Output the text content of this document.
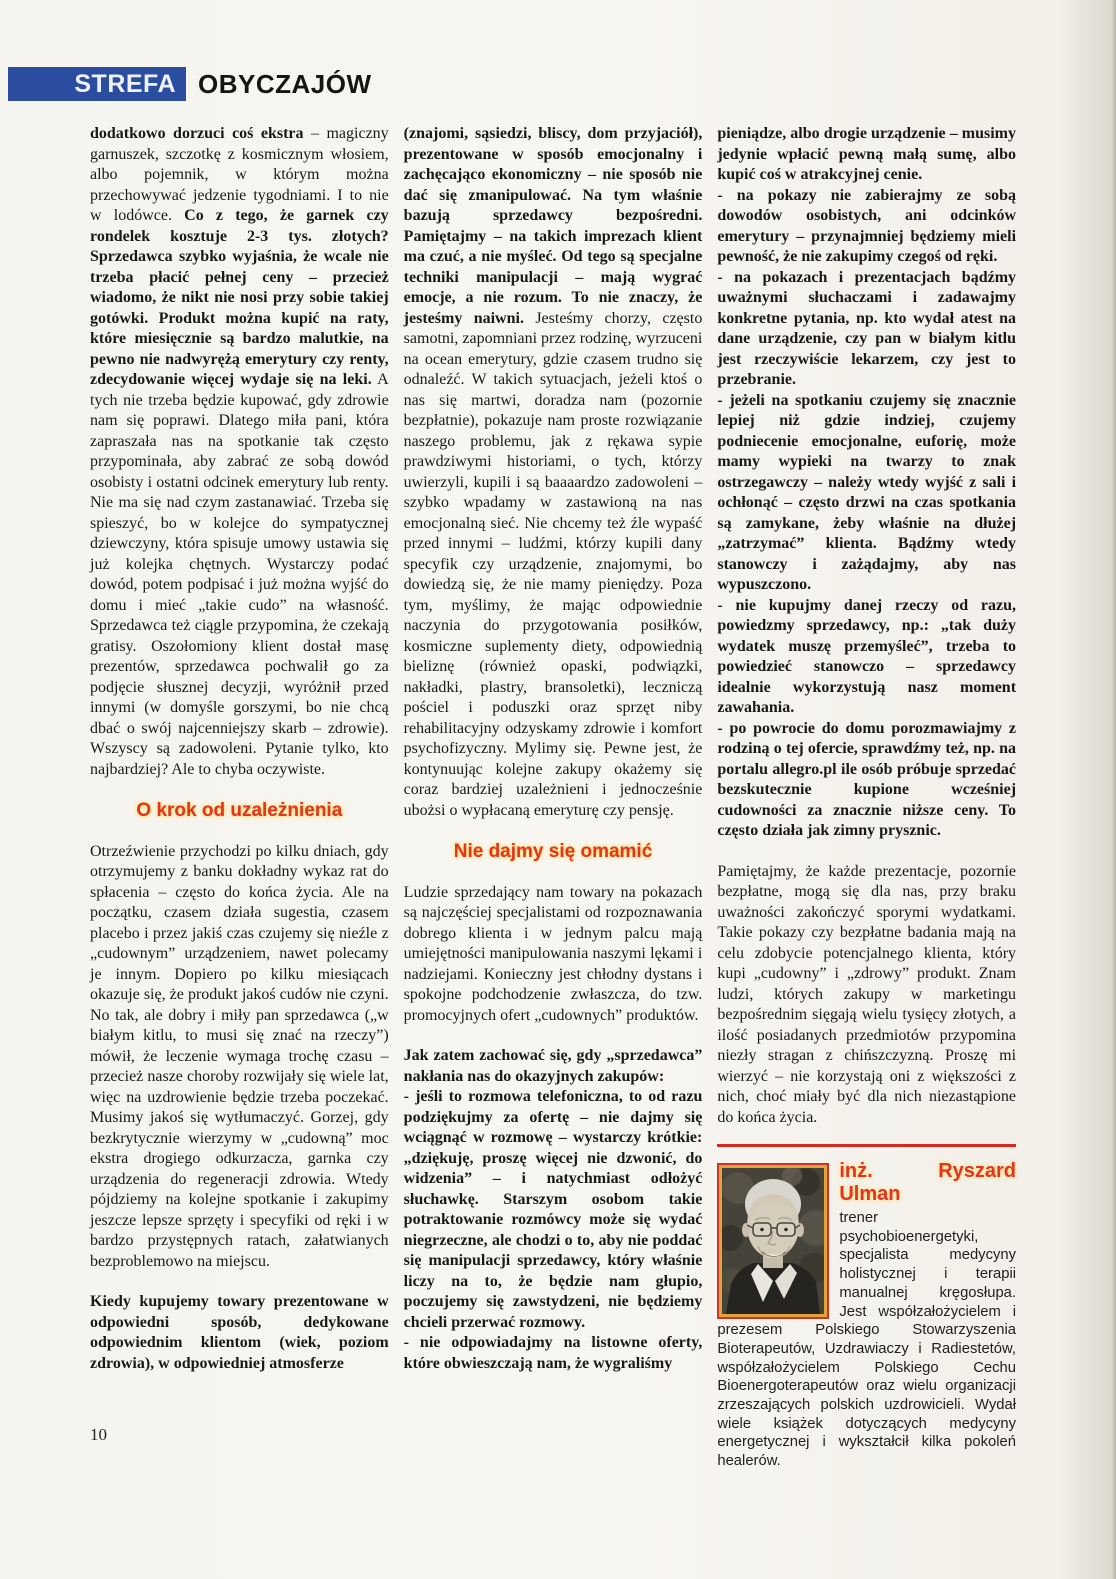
STREFA OBYCZAJÓW

dodatkowo dorzuci coś ekstra – magiczny garnuszek, szczotkę z kosmicznym włosiem, albo pojemnik, w którym można przechowywać jedzenie tygodniami. I to nie w lodówce. Co z tego, że garnek czy rondelek kosztuje 2-3 tys. złotych? Sprzedawca szybko wyjaśnia, że wcale nie trzeba płacić pełnej ceny – przecież wiadomo, że nikt nie nosi przy sobie takiej gotówki. Produkt można kupić na raty, które miesięcznie są bardzo malutkie, na pewno nie nadwyrężą emerytury czy renty, zdecydowanie więcej wydaje się na leki. A tych nie trzeba będzie kupować, gdy zdrowie nam się poprawi. Dlatego miła pani, która zapraszała nas na spotkanie tak często przypominała, aby zabrać ze sobą dowód osobisty i ostatni odcinek emerytury lub renty. Nie ma się nad czym zastanawiać. Trzeba się spieszyć, bo w kolejce do sympatycznej dziewczyny, która spisuje umowy ustawia się już kolejka chętnych. Wystarczy podać dowód, potem podpisać i już można wyjść do domu i mieć „takie cudo” na własność. Sprzedawca też ciągle przypomina, że czekają gratisy. Oszołomiony klient dostał masę prezentów, sprzedawca pochwalił go za podjęcie słusznej decyzji, wyróżnił przed innymi (w domyśle gorszymi, bo nie chcą dbać o swój najcenniejszy skarb – zdrowie). Wszyscy są zadowoleni. Pytanie tylko, kto najbardziej? Ale to chyba oczywiste.

O krok od uzależnienia

Otrzeźwienie przychodzi po kilku dniach, gdy otrzymujemy z banku dokładny wykaz rat do spłacenia – często do końca życia. Ale na początku, czasem działa sugestia, czasem placebo i przez jakiś czas czujemy się nieźle z „cudownym” urządzeniem, nawet polecamy je innym. Dopiero po kilku miesiącach okazuje się, że produkt jakoś cudów nie czyni. No tak, ale dobry i miły pan sprzedawca („w białym kitlu, to musi się znać na rzeczy”) mówił, że leczenie wymaga trochę czasu – przecież nasze choroby rozwijały się wiele lat, więc na uzdrowienie będzie trzeba poczekać. Musimy jakoś się wytłumaczyć. Gorzej, gdy bezkrytycznie wierzymy w „cudowną” moc ekstra drogiego odkurzacza, garnka czy urządzenia do regeneracji zdrowia. Wtedy pójdziemy na kolejne spotkanie i zakupimy jeszcze lepsze sprzęty i specyfiki od ręki i w bardzo przystępnych ratach, załatwianych bezproblemowo na miejscu.

Kiedy kupujemy towary prezentowane w odpowiedni sposób, dedykowane odpowiednim klientom (wiek, poziom zdrowia), w odpowiedniej atmosferze

(znajomi, sąsiedzi, bliscy, dom przyjaciół), prezentowane w sposób emocjonalny i zachęcająco ekonomiczny – nie sposób nie dać się zmanipulować. Na tym właśnie bazują sprzedawcy bezpośredni. Pamiętajmy – na takich imprezach klient ma czuć, a nie myśleć. Od tego są specjalne techniki manipulacji – mają wygrać emocje, a nie rozum. To nie znaczy, że jesteśmy naiwni. Jesteśmy chorzy, często samotni, zapomniani przez rodzinę, wyrzuceni na ocean emerytury, gdzie czasem trudno się odnaleźć. W takich sytuacjach, jeżeli ktoś o nas się martwi, doradza nam (pozornie bezpłatnie), pokazuje nam proste rozwiązanie naszego problemu, jak z rękawa sypie prawdziwymi historiami, o tych, którzy uwierzyli, kupili i są baaaardzo zadowoleni – szybko wpadamy w zastawioną na nas emocjonalną sieć. Nie chcemy też źle wypaść przed innymi – ludźmi, którzy kupili dany specyfik czy urządzenie, znajomymi, bo dowiedzą się, że nie mamy pieniędzy. Poza tym, myślimy, że mając odpowiednie naczynia do przygotowania posiłków, kosmiczne suplementy diety, odpowiednią bieliznę (również opaski, podwiązki, nakładki, plastry, bransoletki), leczniczą pościel i poduszki oraz sprzęt niby rehabilitacyjny odzyskamy zdrowie i komfort psychofizyczny. Mylimy się. Pewne jest, że kontynuując kolejne zakupy okażemy się coraz bardziej uzależnieni i jednocześnie ubożsi o wypłacaną emeryturę czy pensję.

Nie dajmy się omamić

Ludzie sprzedający nam towary na pokazach są najczęściej specjalistami od rozpoznawania dobrego klienta i w jednym palcu mają umiejętności manipulowania naszymi lękami i nadziejami. Konieczny jest chłodny dystans i spokojne podchodzenie zwłaszcza, do tzw. promocyjnych ofert „cudownych” produktów.

Jak zatem zachować się, gdy „sprzedawca” nakłania nas do okazyjnych zakupów:

- jeśli to rozmowa telefoniczna, to od razu podziękujmy za ofertę – nie dajmy się wciągnąć w rozmowę – wystarczy krótkie: „dziękuję, proszę więcej nie dzwonić, do widzenia” – i natychmiast odłożyć słuchawkę. Starszym osobom takie potraktowanie rozmówcy może się wydać niegrzeczne, ale chodzi o to, aby nie poddać się manipulacji sprzedawcy, który właśnie liczy na to, że będzie nam głupio, poczujemy się zawstydzeni, nie będziemy chcieli przerwać rozmowy.

- nie odpowiadajmy na listowne oferty, które obwieszczają nam, że wygraliśmy

pieniądze, albo drogie urządzenie – musimy jedynie wpłacić pewną małą sumę, albo kupić coś w atrakcyjnej cenie.

- na pokazy nie zabierajmy ze sobą dowodów osobistych, ani odcinków emerytury – przynajmniej będziemy mieli pewność, że nie zakupimy czegoś od ręki.

- na pokazach i prezentacjach bądźmy uważnymi słuchaczami i zadawajmy konkretne pytania, np. kto wydał atest na dane urządzenie, czy pan w białym kitlu jest rzeczywiście lekarzem, czy jest to przebranie.

- jeżeli na spotkaniu czujemy się znacznie lepiej niż gdzie indziej, czujemy podniecenie emocjonalne, euforię, może mamy wypieki na twarzy to znak ostrzegawczy – należy wtedy wyjść z sali i ochłonąć – często drzwi na czas spotkania są zamykane, żeby właśnie na dłużej „zatrzymać” klienta. Bądźmy wtedy stanowczy i zażądajmy, aby nas wypuszczono.

- nie kupujmy danej rzeczy od razu, powiedzmy sprzedawcy, np.: „tak duży wydatek muszę przemyśleć”, trzeba to powiedzieć stanowczo – sprzedawcy idealnie wykorzystują nasz moment zawahania.

- po powrocie do domu porozmawiajmy z rodziną o tej ofercie, sprawdźmy też, np. na portalu allegro.pl ile osób próbuje sprzedać bezskutecznie kupione wcześniej cudowności za znacznie niższe ceny. To często działa jak zimny prysznic.

Pamiętajmy, że każde prezentacje, pozornie bezpłatne, mogą się dla nas, przy braku uważności zakończyć sporymi wydatkami. Takie pokazy czy bezpłatne badania mają na celu zdobycie potencjalnego klienta, który kupi „cudowny” i „zdrowy” produkt. Znam ludzi, których zakupy w marketingu bezpośrednim sięgają wielu tysięcy złotych, a ilość posiadanych przedmiotów przypomina niezły stragan z chińszczyzną. Proszę mi wierzyć – nie korzystają oni z większości z nich, choć miały być dla nich niezastąpione do końca życia.

inż. Ryszard Ulman
trener psychobioenergetyki, specjalista medycyny holistycznej i terapii manualnej kręgosłupa. Jest współzałożycielem i prezesem Polskiego Stowarzyszenia Bioterapeutów, Uzdrawiaczy i Radiestetów, współzałożycielem Polskiego Cechu Bioenergoterapeutów oraz wielu organizacji zrzeszających polskich uzdrowicieli. Wydał wiele książek dotyczących medycyny energetycznej i wykształcił kilka pokoleń healerów.
10
